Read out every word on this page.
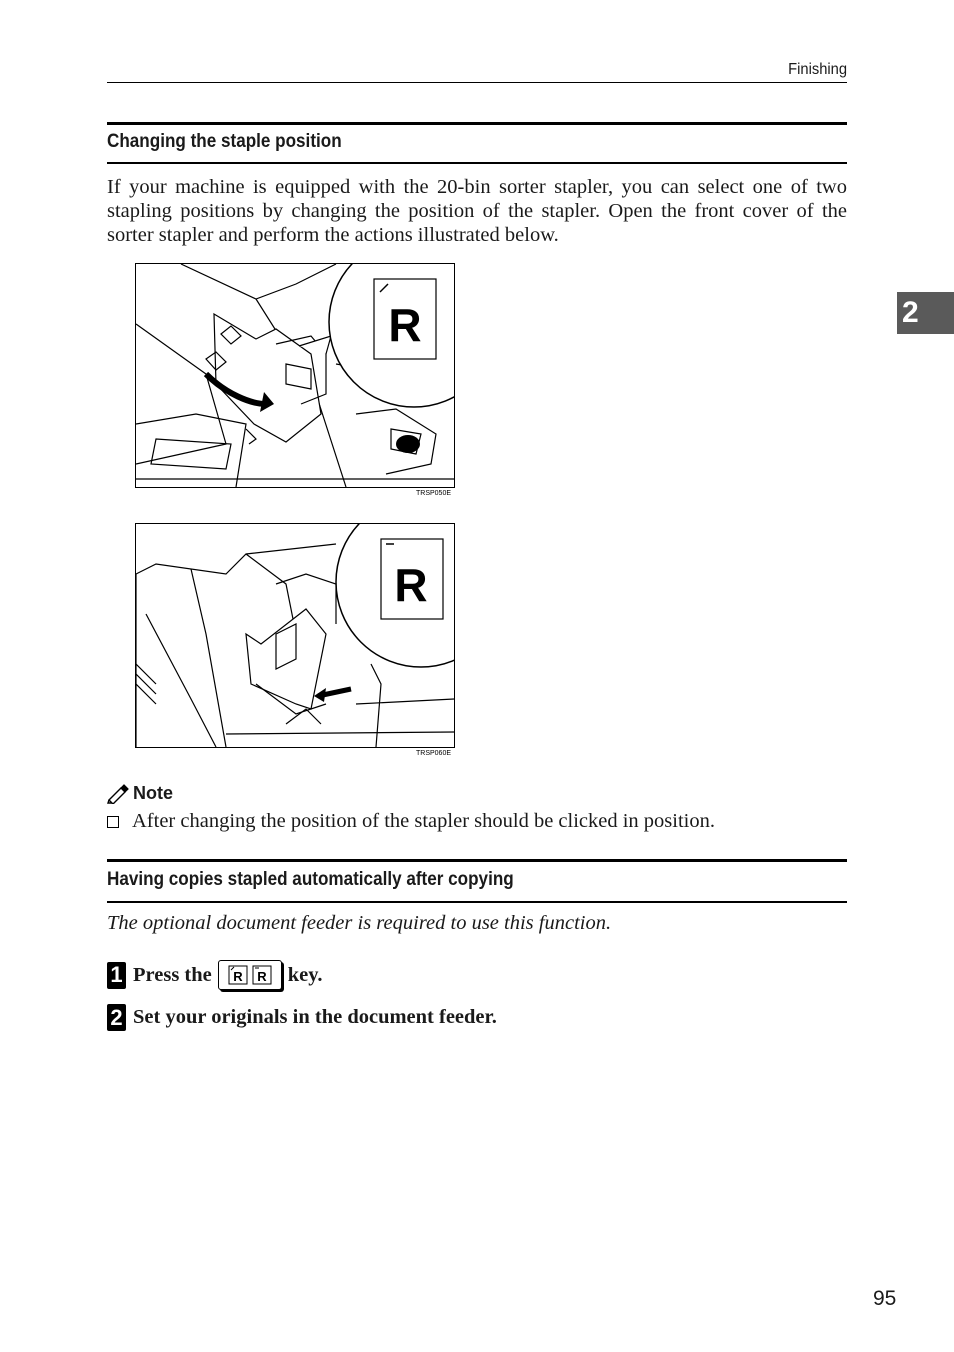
Finishing
2
Changing the staple position
If your machine is equipped with the 20-bin sorter stapler, you can select one of two stapling positions by changing the position of the stapler. Open the front cover of the sorter stapler and perform the actions illustrated below.
R
TRSP050E
R
TRSP060E
Note
After changing the position of the stapler should be clicked in position.
Having copies stapled automatically after copying
The optional document feeder is required to use this function.
1 Press the R R key.
2 Set your originals in the document feeder.
95
